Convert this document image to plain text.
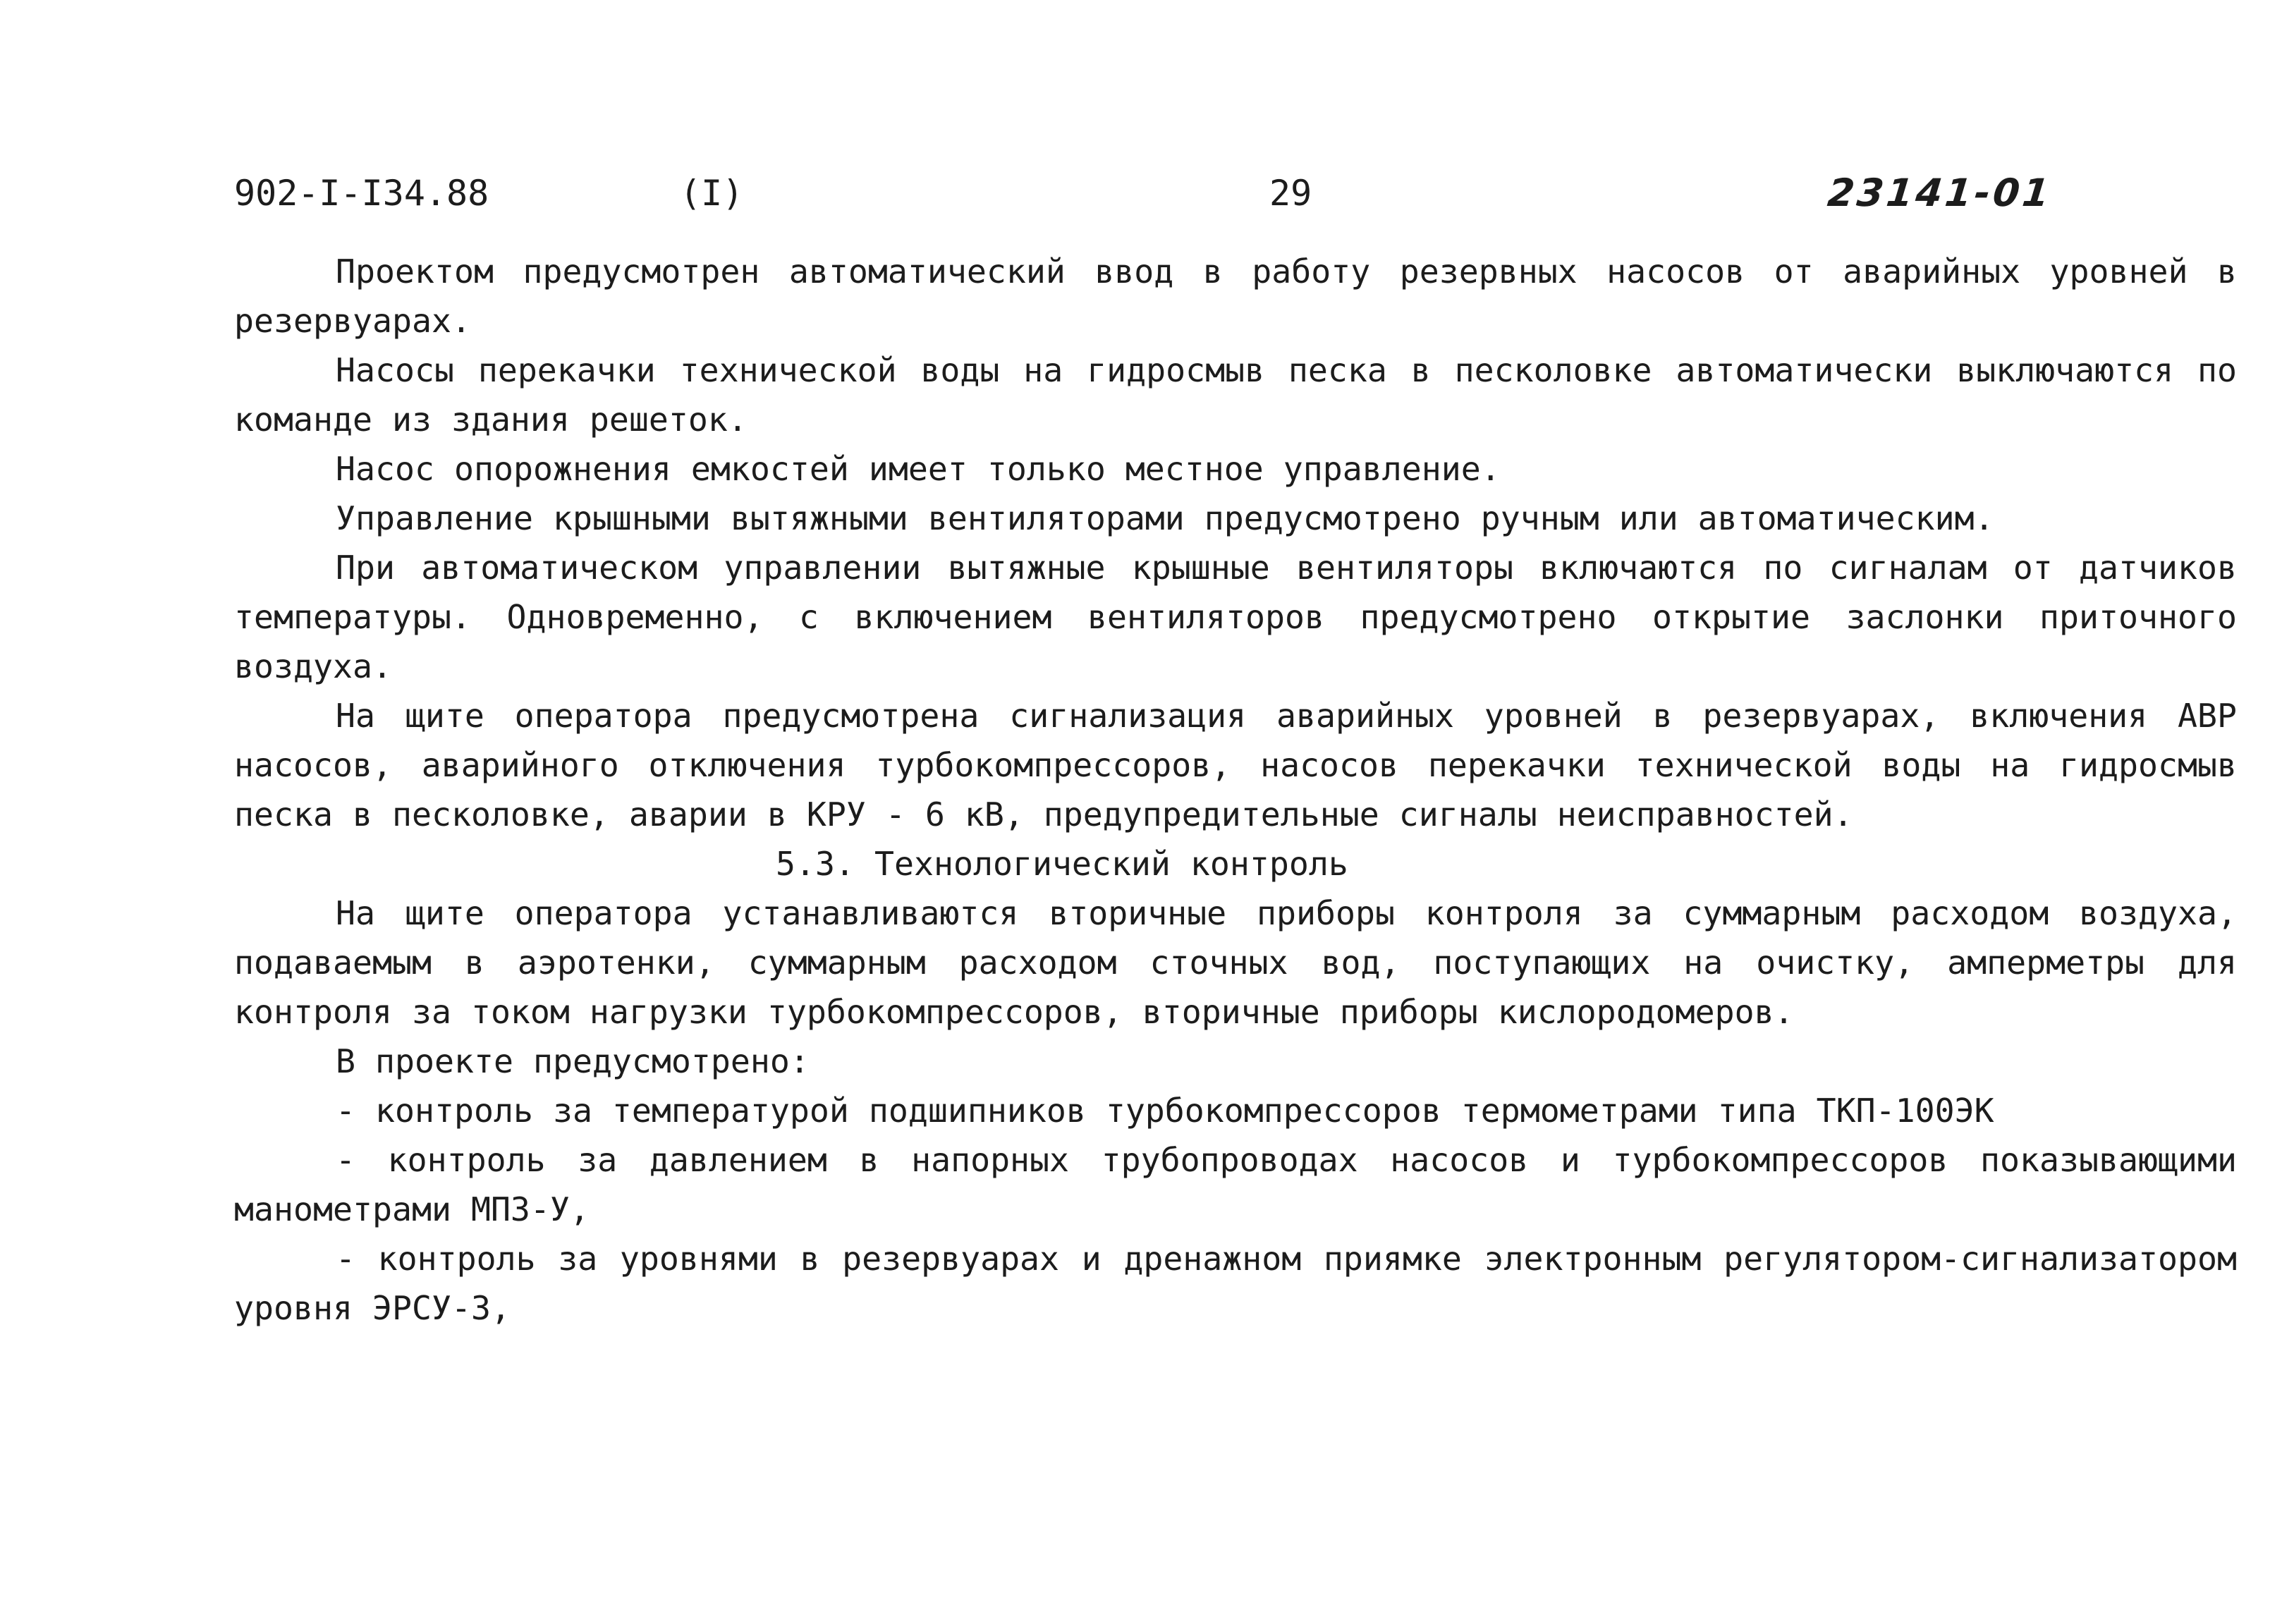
902-I-I34.88	(I)	29	23141-01

Проектом предусмотрен автоматический ввод в работу резервных насосов от аварийных уровней в резервуарах.

Насосы перекачки технической воды на гидросмыв песка в песколовке автоматически выключаются по команде из здания решеток.

Насос опорожнения емкостей имеет только местное управление.

Управление крышными вытяжными вентиляторами предусмотрено ручным или автоматическим.

При автоматическом управлении вытяжные крышные вентиляторы включаются по сигналам от датчиков температуры. Одновременно, с включением вентиляторов предусмотрено открытие заслонки приточного воздуха.

На щите оператора предусмотрена сигнализация аварийных уровней в резервуарах, включения АВР насосов, аварийного отключения турбокомпрессоров, насосов перекачки технической воды на гидросмыв песка в песколовке, аварии в КРУ - 6 кВ, предупредительные сигналы неисправностей.

5.3. Технологический контроль

На щите оператора устанавливаются вторичные приборы контроля за суммарным расходом воздуха, подаваемым в аэротенки, суммарным расходом сточных вод, поступающих на очистку, амперметры для контроля за током нагрузки турбокомпрессоров, вторичные приборы кислородомеров.

В проекте предусмотрено:

- контроль за температурой подшипников турбокомпрессоров термометрами типа ТКП-100ЭК

- контроль за давлением в напорных трубопроводах насосов и турбокомпрессоров показывающими манометрами МПЗ-У,

- контроль за уровнями в резервуарах и дренажном приямке электронным регулятором-сигнализатором уровня ЭРСУ-3,
